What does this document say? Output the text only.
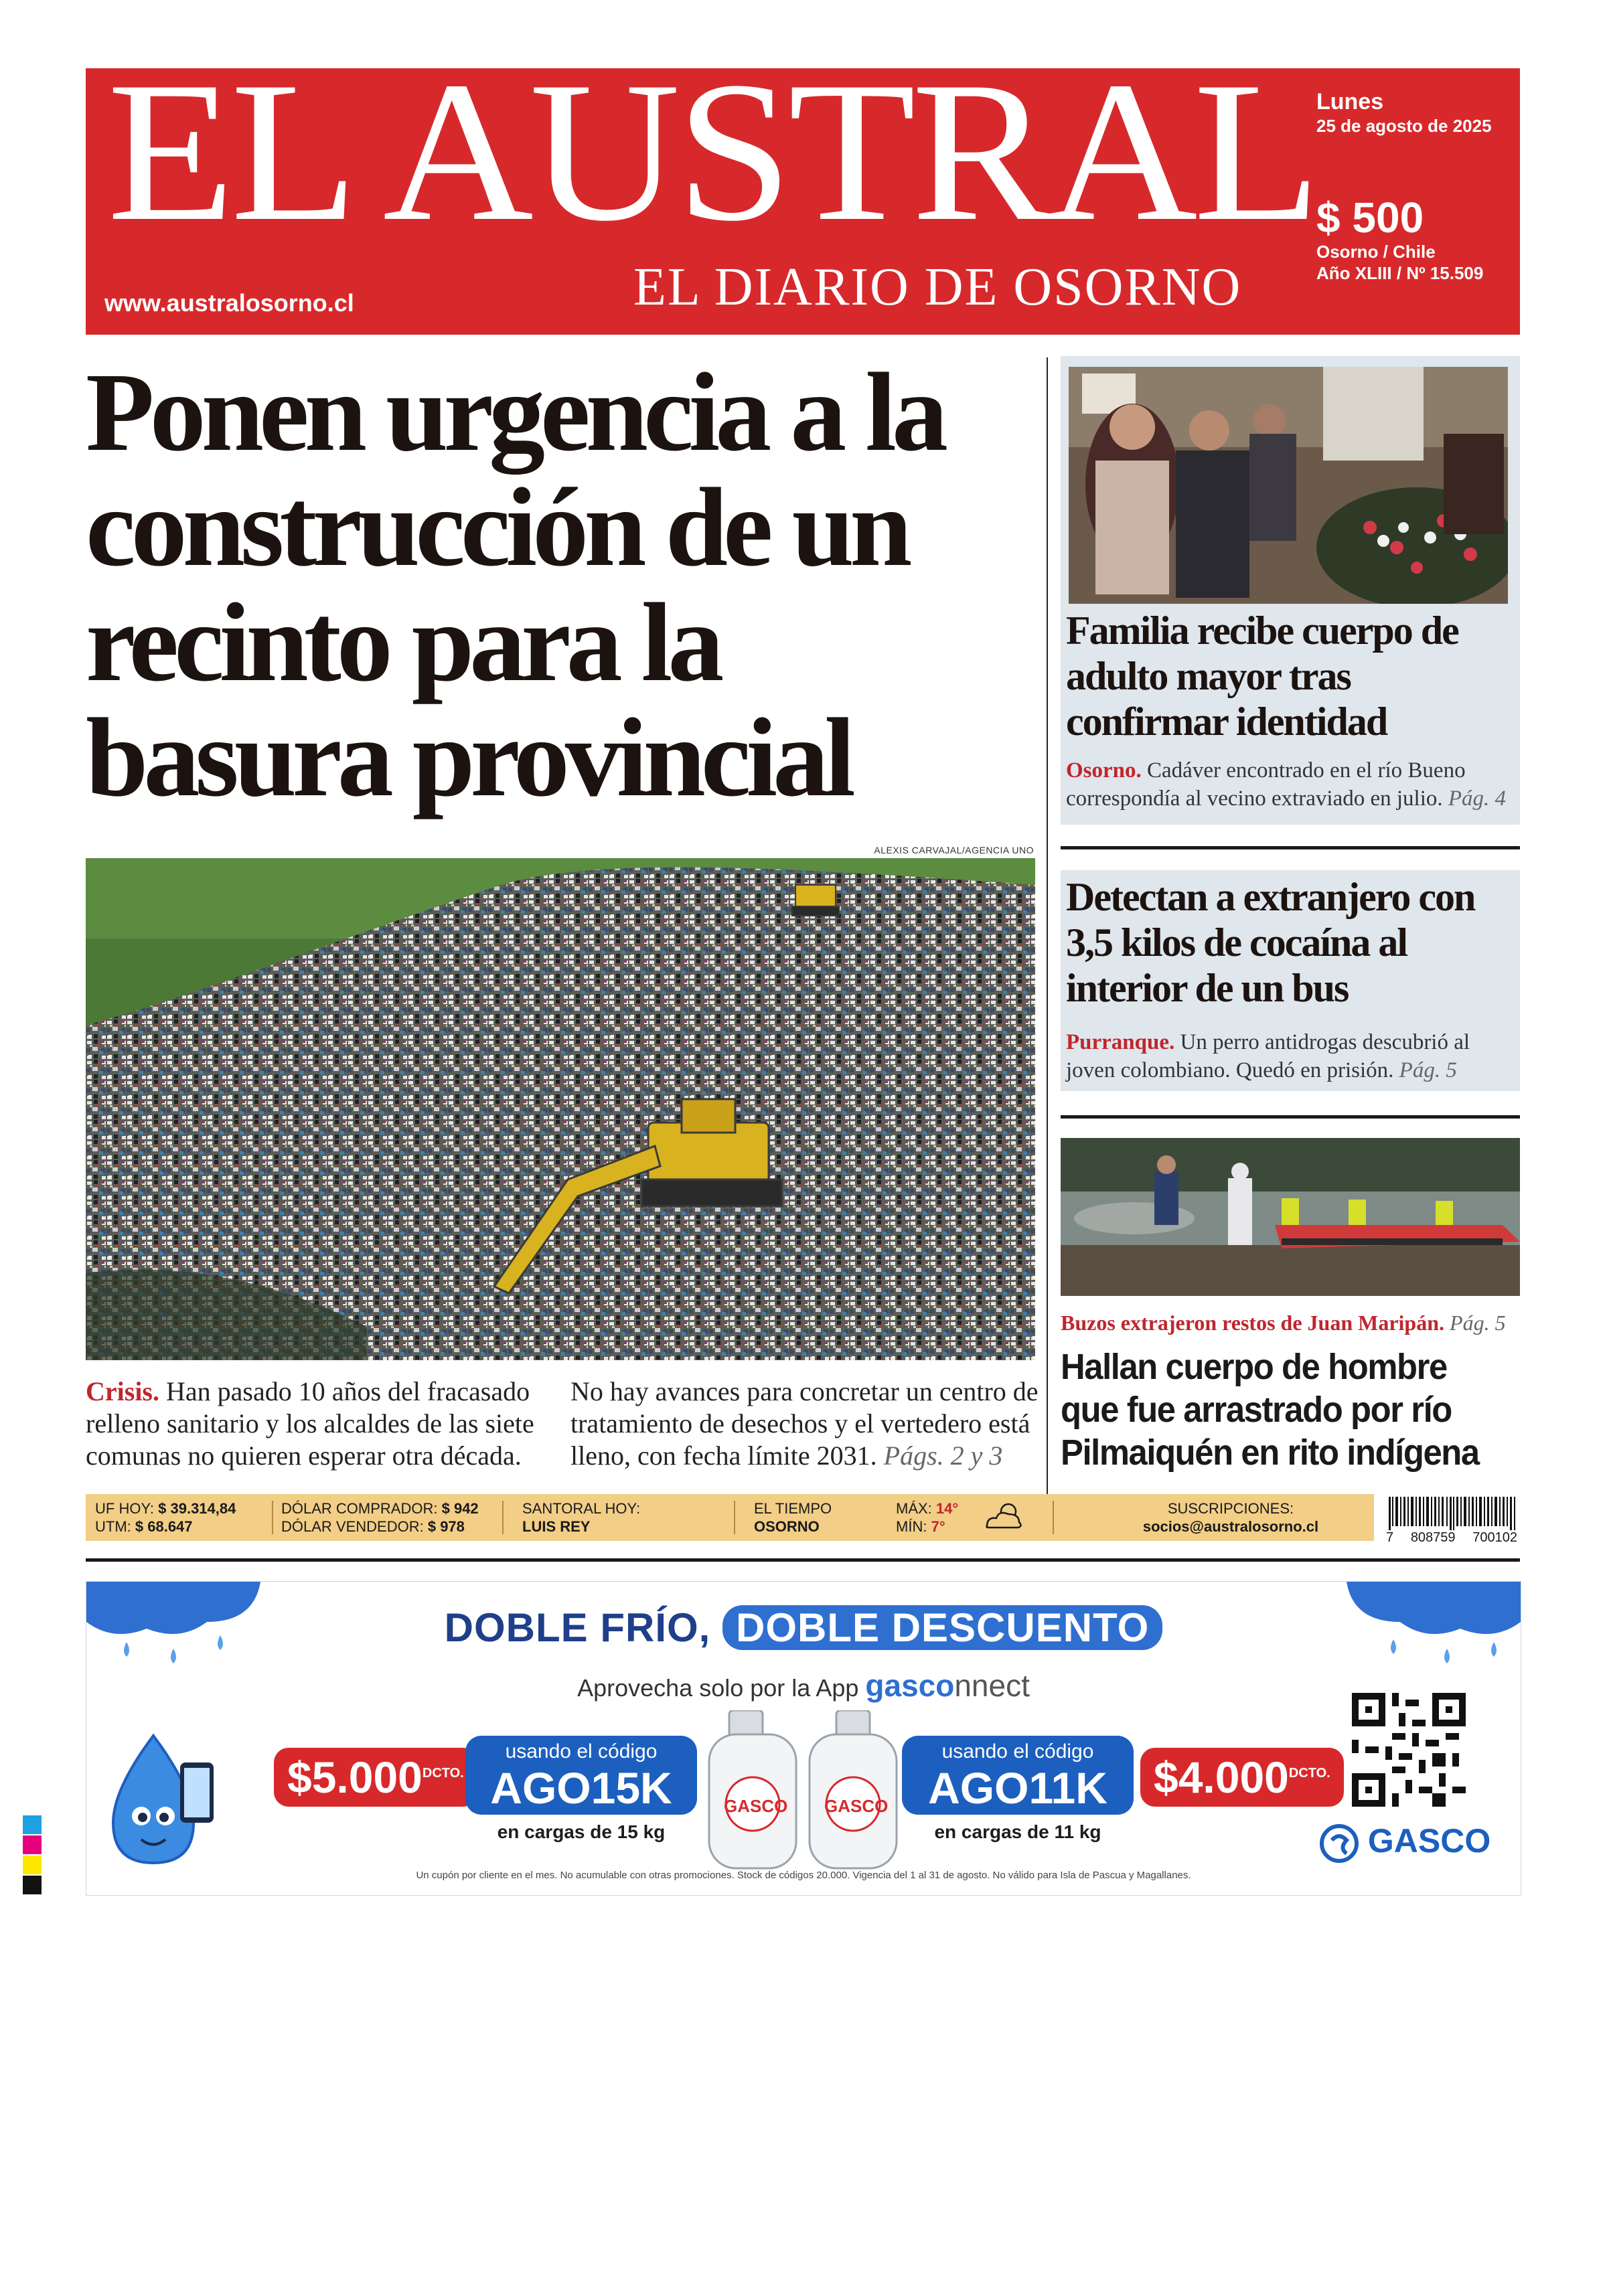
EL AUSTRAL
EL DIARIO DE OSORNO
www.australosorno.cl
Lunes
25 de agosto de 2025
$ 500
Osorno / Chile
Año XLIII / Nº 15.509
Ponen urgencia a la construcción de un recinto para la basura provincial
ALEXIS CARVAJAL/AGENCIA UNO
Crisis. Han pasado 10 años del fracasado relleno sanitario y los alcaldes de las siete comunas no quieren esperar otra década.
No hay avances para concretar un centro de tratamiento de desechos y el vertedero está lleno, con fecha límite 2031. Págs. 2 y 3
Familia recibe cuerpo de adulto mayor tras confirmar identidad
Osorno. Cadáver encontrado en el río Bueno correspondía al vecino extraviado en julio. Pág. 4
Detectan a extranjero con 3,5 kilos de cocaína al interior de un bus
Purranque. Un perro antidrogas descubrió al joven colombiano. Quedó en prisión. Pág. 5
Buzos extrajeron restos de Juan Maripán. Pág. 5
Hallan cuerpo de hombre que fue arrastrado por río Pilmaiquén en rito indígena
UF HOY: $ 39.314,84
UTM: $ 68.647
DÓLAR COMPRADOR: $ 942
DÓLAR VENDEDOR: $ 978
SANTORAL HOY:
LUIS REY
EL TIEMPO
OSORNO
MÁX: 14°
MÍN: 7°
SUSCRIPCIONES:
socios@australosorno.cl
7 808759 700102
DOBLE FRÍO, DOBLE DESCUENTO
Aprovecha solo por la App gasconnect
$\$5.000^{DCTO.}$
usando el código
AGO15K
en cargas de 15 kg
GASCO GASCO
usando el código
AGO11K
en cargas de 11 kg
$\$4.000^{DCTO.}$
GASCO
Un cupón por cliente en el mes. No acumulable con otras promociones. Stock de códigos 20.000. Vigencia del 1 al 31 de agosto. No válido para Isla de Pascua y Magallanes.
